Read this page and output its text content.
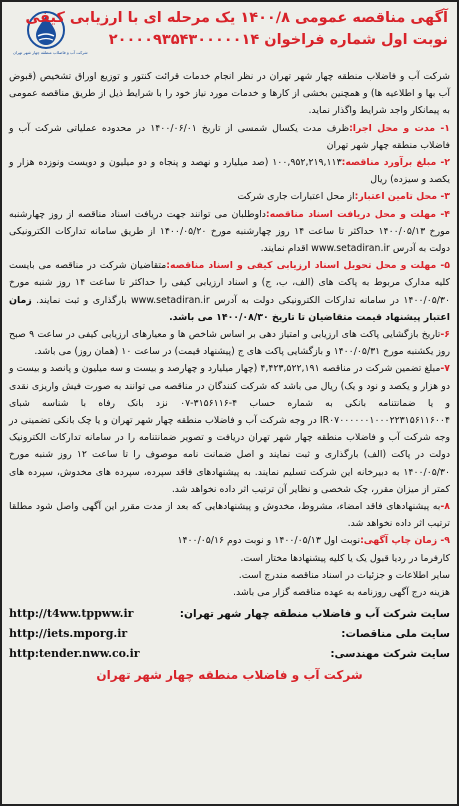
شرکت آب و فاضلاب منطقه چهار شهر تهران
آگهی مناقصه عمومی ۱۴۰۰/۸ یک مرحله ای با ارزیابی کیفی
نوبت اول شماره فراخوان ۲۰۰۰۰۹۳۵۴۳۰۰۰۰۰۱۴

شرکت آب و فاضلاب منطقه چهار شهر تهران در نظر انجام خدمات قرائت کنتور و توزیع اوراق تشخیص (قبوض آب بها و اطلاعیه ها) و همچنین بخشی از کارها و خدمات مورد نیاز خود را با شرایط ذیل از طریق مناقصه عمومی به پیمانکار واجد شرایط واگذار نماید.

۱- مدت و محل اجرا:ظرف مدت یکسال شمسی از تاریخ ۱۴۰۰/۰۶/۰۱ در محدوده عملیاتی شرکت آب و فاضلاب منطقه چهار شهر تهران

۲- مبلغ برآورد مناقصه:۱۰۰,۹۵۲,۲۱۹,۱۱۳ (صد میلیارد و نهصد و پنجاه و دو میلیون و دویست ونوزده هزار و یکصد و سیزده) ریال

۳- محل تامین اعتبار:از محل اعتبارات جاری شرکت

۴- مهلت و محل دریافت اسناد مناقصه:داوطلبان می توانند جهت دریافت اسناد مناقصه از روز چهارشنبه مورخ ۱۴۰۰/۰۵/۱۳ حداکثر تا ساعت ۱۴ روز چهارشنبه مورخ ۱۴۰۰/۰۵/۲۰ از طریق سامانه تدارکات الکترونیکی دولت به آدرس www.setadiran.ir اقدام نمایند.

۵- مهلت و محل تحویل اسناد ارزیابی کیفی و اسناد مناقصه:متقاضیان شرکت در مناقصه می بایست کلیه مدارک مربوط به پاکت های (الف، ب، ج) و اسناد ارزیابی کیفی را حداکثر تا ساعت ۱۴ روز شنبه مورخ ۱۴۰۰/۰۵/۳۰ در سامانه تدارکات الکترونیکی دولت به آدرس www.setadiran.ir بارگذاری و ثبت نمایند. زمان اعتبار پیشنهاد قیمت متقاضیان تا تاریخ ۱۴۰۰/۰۸/۳۰ می باشد.

۶-تاریخ بازگشایی پاکت های ارزیابی و امتیاز دهی بر اساس شاخص ها و معیارهای ارزیابی کیفی در ساعت ۹ صبح روز یکشنبه مورخ ۱۴۰۰/۰۵/۳۱ و بازگشایی پاکت های ج (پیشنهاد قیمت) در ساعت ۱۰ (همان روز) می باشد.

۷-مبلغ تضمین شرکت در مناقصه ۴,۴۲۳,۵۲۲,۱۹۱ (چهار میلیارد و چهارصد و بیست و سه میلیون و پانصد و بیست و دو هزار و یکصد و نود و یک) ریال می باشد که شرکت کنندگان در مناقصه می توانند به صورت فیش واریزی نقدی و یا ضمانتنامه بانکی به شماره حساب ۴-۳۱۵۶۱۱۶-۰۷ نزد بانک رفاه با شناسه شبای IR۰۷۰۰۰۰۰۰۱۰۰۰۲۲۳۱۵۶۱۱۶۰۰۴ در وجه شرکت آب و فاضلاب منطقه چهار شهر تهران و یا چک بانکی تضمینی در وجه شرکت آب و فاضلاب منطقه چهار شهر تهران دریافت و تصویر ضمانتنامه را در سامانه تدارکات الکترونیک دولت در پاکت (الف) بارگذاری و ثبت نمایند و اصل ضمانت نامه موصوف را تا ساعت ۱۲ روز شنبه مورخ ۱۴۰۰/۰۵/۳۰ به دبیرخانه این شرکت تسلیم نمایند. به پیشنهادهای فاقد سپرده، سپرده های مخدوش، سپرده های کمتر از میزان مقرر، چک شخصی و نظایر آن ترتیب اثر داده نخواهد شد.

۸-به پیشنهادهای فاقد امضاء، مشروط، مخدوش و پیشنهادهایی که بعد از مدت مقرر این آگهی واصل شود مطلقا ترتیب اثر داده نخواهد شد.

۹- زمان چاپ آگهی:نوبت اول ۱۴۰۰/۰۵/۱۳ و نوبت دوم ۱۴۰۰/۰۵/۱۶

کارفرما در ردیا قبول یک یا کلیه پیشنهادها مختار است.

سایر اطلاعات و جزئیات در اسناد مناقصه مندرج است.

هزینه درج آگهی روزنامه به عهده مناقصه گزار می باشد.

سایت شرکت آب و فاضلاب منطقه چهار شهر تهران:
http://t4ww.tppww.ir
سایت ملی مناقصات:
http://iets.mporg.ir
سایت شرکت مهندسی:
http:tender.nww.co.ir
شرکت آب و فاضلاب منطقه چهار شهر تهران
